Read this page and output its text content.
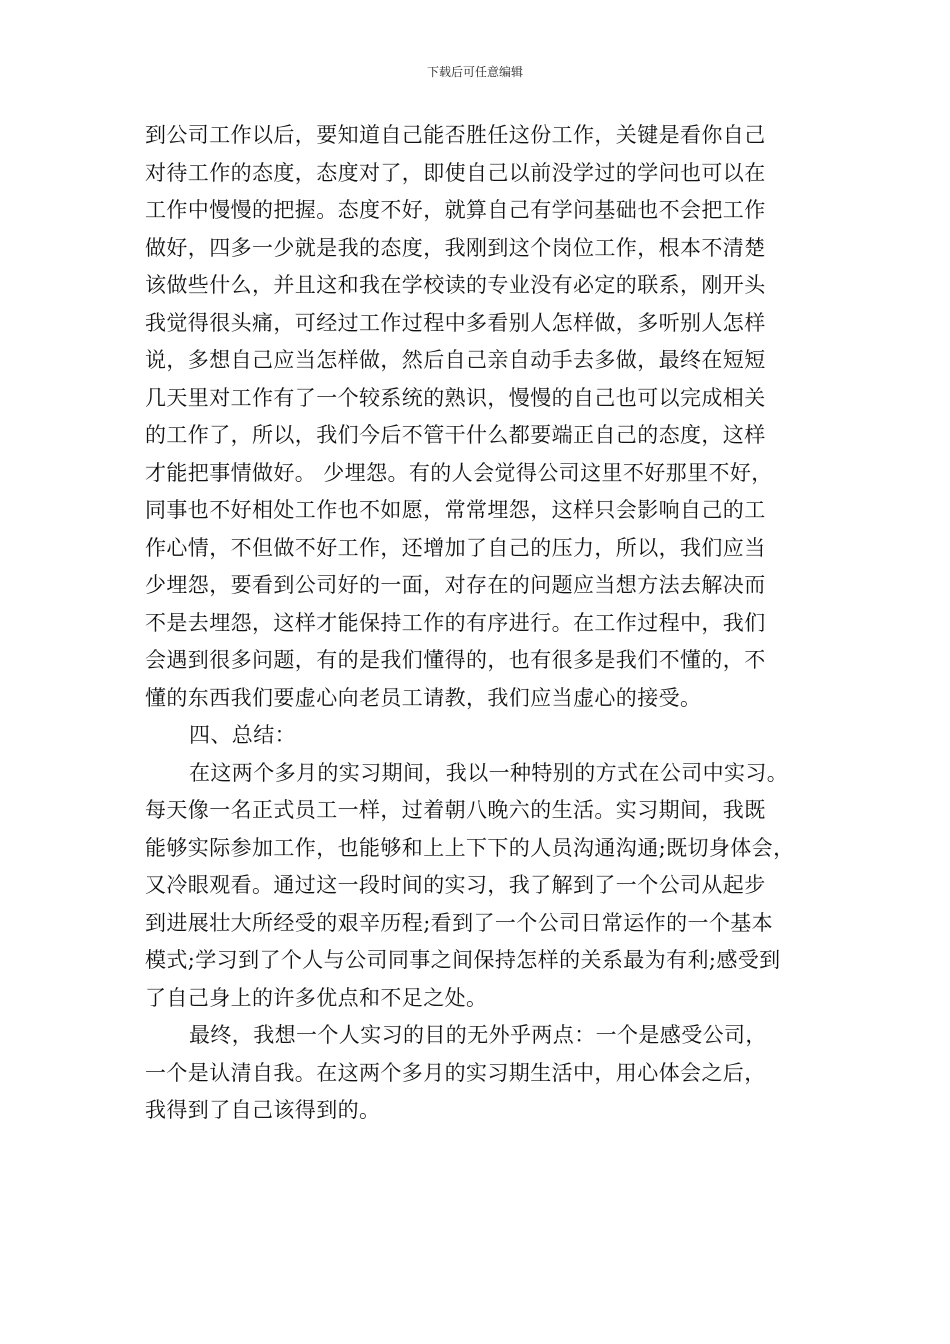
下载后可任意编辑
到公司工作以后，要知道自己能否胜任这份工作，关键是看你自己
对待工作的态度，态度对了，即使自己以前没学过的学问也可以在
工作中慢慢的把握。态度不好，就算自己有学问基础也不会把工作
做好，四多一少就是我的态度，我刚到这个岗位工作，根本不清楚
该做些什么，并且这和我在学校读的专业没有必定的联系，刚开头
我觉得很头痛，可经过工作过程中多看别人怎样做，多听别人怎样
说，多想自己应当怎样做，然后自己亲自动手去多做，最终在短短
几天里对工作有了一个较系统的熟识，慢慢的自己也可以完成相关
的工作了，所以，我们今后不管干什么都要端正自己的态度，这样
才能把事情做好。 少埋怨。有的人会觉得公司这里不好那里不好，
同事也不好相处工作也不如愿，常常埋怨，这样只会影响自己的工
作心情，不但做不好工作，还增加了自己的压力，所以，我们应当
少埋怨，要看到公司好的一面，对存在的问题应当想方法去解决而
不是去埋怨，这样才能保持工作的有序进行。在工作过程中，我们
会遇到很多问题，有的是我们懂得的，也有很多是我们不懂的，不
懂的东西我们要虚心向老员工请教，我们应当虚心的接受。
四、总结：
在这两个多月的实习期间，我以一种特别的方式在公司中实习。
每天像一名正式员工一样，过着朝八晚六的生活。实习期间，我既
能够实际参加工作，也能够和上上下下的人员沟通沟通;既切身体会，
又冷眼观看。通过这一段时间的实习，我了解到了一个公司从起步
到进展壮大所经受的艰辛历程;看到了一个公司日常运作的一个基本
模式;学习到了个人与公司同事之间保持怎样的关系最为有利;感受到
了自己身上的许多优点和不足之处。
最终，我想一个人实习的目的无外乎两点：一个是感受公司，
一个是认清自我。在这两个多月的实习期生活中，用心体会之后，
我得到了自己该得到的。
